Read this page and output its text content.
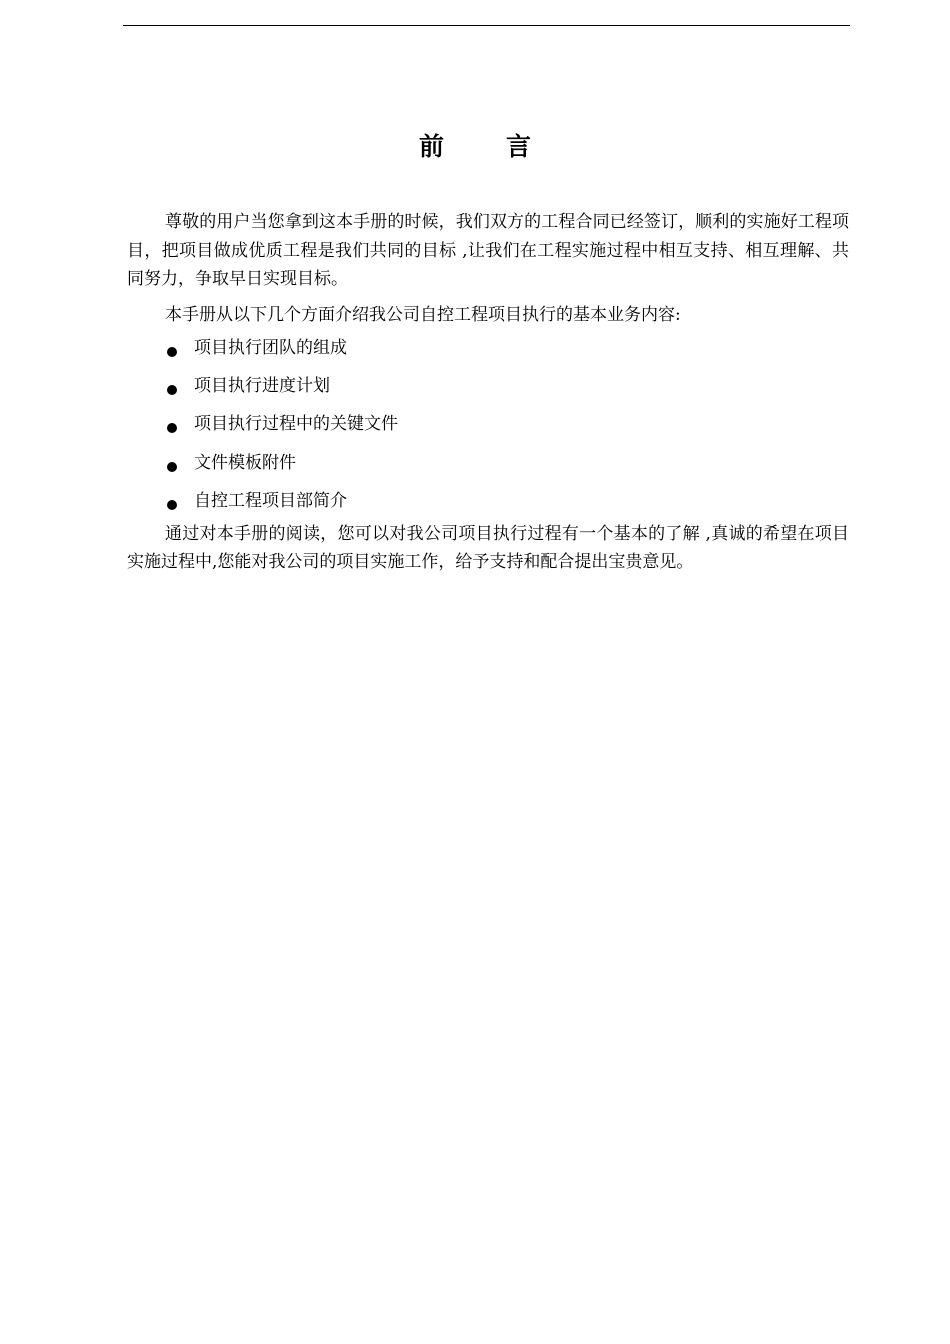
前 言

尊敬的用户当您拿到这本手册的时候，我们双方的工程合同已经签订，顺利的实施好工程项目，把项目做成优质工程是我们共同的目标 ,让我们在工程实施过程中相互支持、相互理解、共同努力，争取早日实现目标。

本手册从以下几个方面介绍我公司自控工程项目执行的基本业务内容:

项目执行团队的组成
项目执行进度计划
项目执行过程中的关键文件
文件模板附件
自控工程项目部简介

通过对本手册的阅读，您可以对我公司项目执行过程有一个基本的了解 ,真诚的希望在项目实施过程中,您能对我公司的项目实施工作，给予支持和配合提出宝贵意见。
